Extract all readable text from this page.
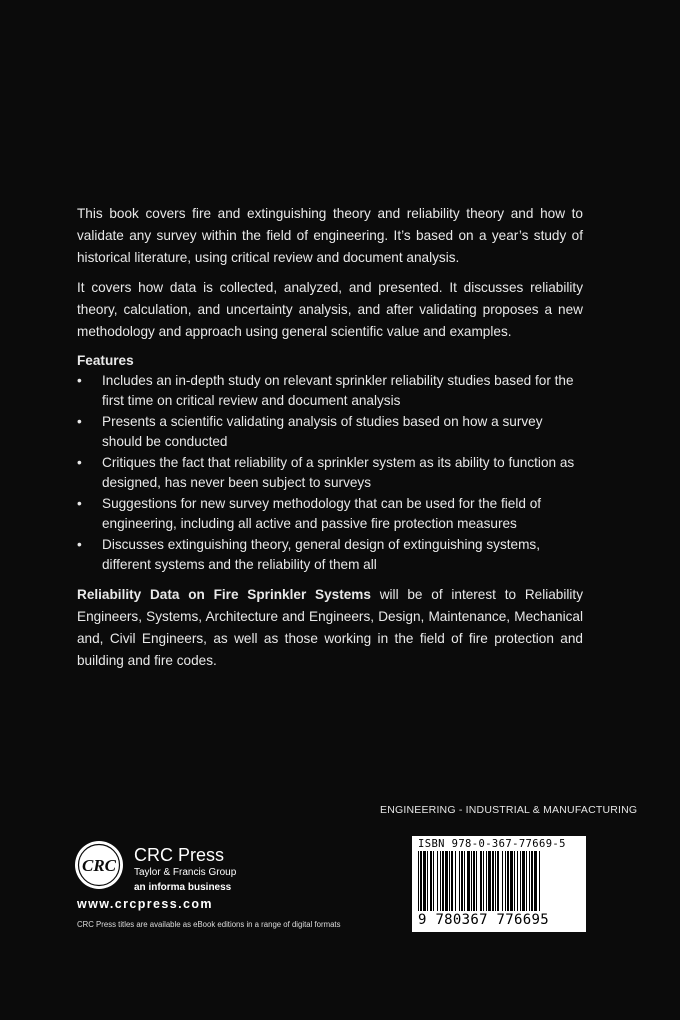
This book covers fire and extinguishing theory and reliability theory and how to validate any survey within the field of engineering. It’s based on a year’s study of historical literature, using critical review and document analysis.

It covers how data is collected, analyzed, and presented. It discusses reliability theory, calculation, and uncertainty analysis, and after validating proposes a new methodology and approach using general scientific value and examples.

Features

• Includes an in-depth study on relevant sprinkler reliability studies based for the first time on critical review and document analysis
• Presents a scientific validating analysis of studies based on how a survey should be conducted
• Critiques the fact that reliability of a sprinkler system as its ability to function as designed, has never been subject to surveys
• Suggestions for new survey methodology that can be used for the field of engineering, including all active and passive fire protection measures
• Discusses extinguishing theory, general design of extinguishing systems, different systems and the reliability of them all

Reliability Data on Fire Sprinkler Systems will be of interest to Reliability Engineers, Systems, Architecture and Engineers, Design, Maintenance, Mechanical and, Civil Engineers, as well as those working in the field of fire protection and building and fire codes.

ENGINEERING - INDUSTRIAL & MANUFACTURING
CRC
CRC Press
Taylor & Francis Group
an informa business
www.crcpress.com
CRC Press titles are available as eBook editions in a range of digital formats
ISBN 978-0-367-77669-5
9 780367 776695
